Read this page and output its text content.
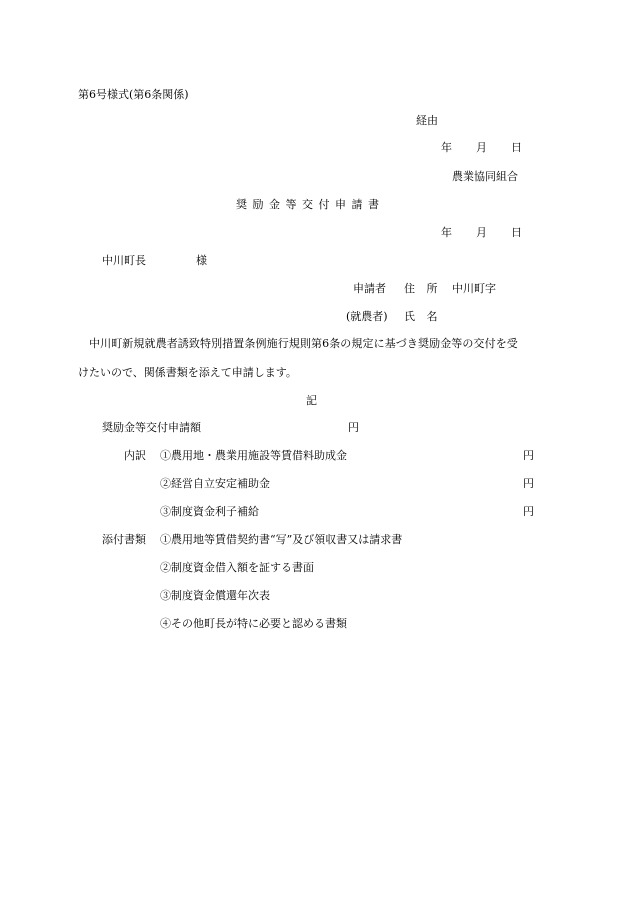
第6号様式(第6条関係)
経由
年 月 日
農業協同組合
奨励金等交付申請書
年 月 日
中川町長	様
申請者 住 所 中川町字
(就農者) 氏 名
中川町新規就農者誘致特別措置条例施行規則第6条の規定に基づき奨励金等の交付を受
けたいので、関係書類を添えて申請します。
記
奨励金等交付申請額	円
内訳 ①農用地・農業用施設等賃借料助成金	円
②経営自立安定補助金	円
③制度資金利子補給	円
添付書類 ①農用地等賃借契約書“写”及び領収書又は請求書
②制度資金借入額を証する書面
③制度資金償還年次表
④その他町長が特に必要と認める書類
